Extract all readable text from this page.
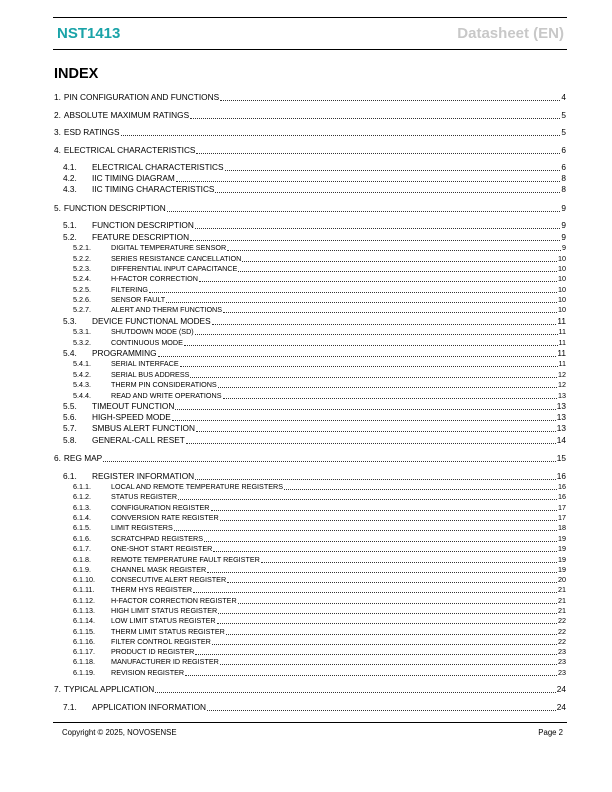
NST1413	Datasheet (EN)
INDEX
1. PIN CONFIGURATION AND FUNCTIONS	4
2. ABSOLUTE MAXIMUM RATINGS	5
3. ESD RATINGS	5
4. ELECTRICAL CHARACTERISTICS	6
4.1.	ELECTRICAL CHARACTERISTICS	6
4.2.	IIC TIMING DIAGRAM	8
4.3.	IIC TIMING CHARACTERISTICS	8
5. FUNCTION DESCRIPTION	9
5.1.	FUNCTION DESCRIPTION	9
5.2.	FEATURE DESCRIPTION	9
5.2.1.	DIGITAL TEMPERATURE SENSOR	9
5.2.2.	SERIES RESISTANCE CANCELLATION	10
5.2.3.	DIFFERENTIAL INPUT CAPACITANCE	10
5.2.4.	H-FACTOR CORRECTION	10
5.2.5.	FILTERING	10
5.2.6.	SENSOR FAULT	10
5.2.7.	ALERT AND THERM FUNCTIONS	10
5.3.	DEVICE FUNCTIONAL MODES	11
5.3.1.	SHUTDOWN MODE (SD)	11
5.3.2.	CONTINUOUS MODE	11
5.4.	PROGRAMMING	11
5.4.1.	SERIAL INTERFACE	11
5.4.2.	SERIAL BUS ADDRESS	12
5.4.3.	THERM PIN CONSIDERATIONS	12
5.4.4.	READ AND WRITE OPERATIONS	13
5.5.	TIMEOUT FUNCTION	13
5.6.	HIGH-SPEED MODE	13
5.7.	SMBUS ALERT FUNCTION	13
5.8.	GENERAL-CALL RESET	14
6. REG MAP	15
6.1.	REGISTER INFORMATION	16
6.1.1.	LOCAL AND REMOTE TEMPERATURE REGISTERS	16
6.1.2.	STATUS REGISTER	16
6.1.3.	CONFIGURATION REGISTER	17
6.1.4.	CONVERSION RATE REGISTER	17
6.1.5.	LIMIT REGISTERS	18
6.1.6.	SCRATCHPAD REGISTERS	19
6.1.7.	ONE-SHOT START REGISTER	19
6.1.8.	REMOTE TEMPERATURE FAULT REGISTER	19
6.1.9.	CHANNEL MASK REGISTER	19
6.1.10.	CONSECUTIVE ALERT REGISTER	20
6.1.11.	THERM HYS REGISTER	21
6.1.12.	H-FACTOR CORRECTION REGISTER	21
6.1.13.	HIGH LIMIT STATUS REGISTER	21
6.1.14.	LOW LIMIT STATUS REGISTER	22
6.1.15.	THERM LIMIT STATUS REGISTER	22
6.1.16.	FILTER CONTROL REGISTER	22
6.1.17.	PRODUCT ID REGISTER	23
6.1.18.	MANUFACTURER ID REGISTER	23
6.1.19.	REVISION REGISTER	23
7. TYPICAL APPLICATION	24
7.1.	APPLICATION INFORMATION	24
Copyright © 2025, NOVOSENSE	Page 2
